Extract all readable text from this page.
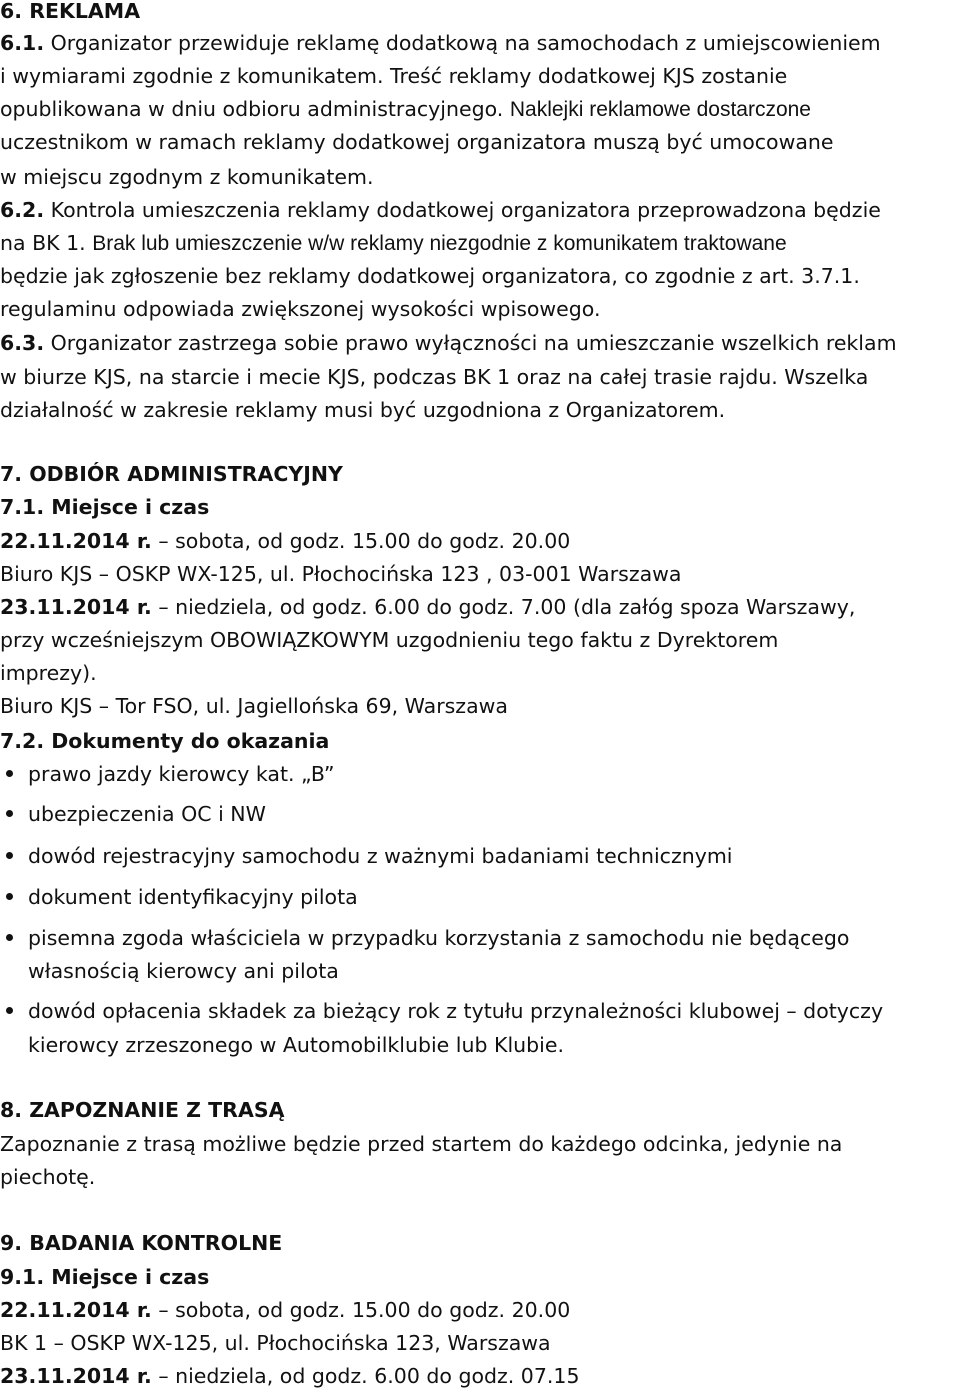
6. REKLAMA
6.1. Organizator przewiduje reklamę dodatkową na samochodach z umiejscowieniem
i wymiarami zgodnie z komunikatem. Treść reklamy dodatkowej KJS zostanie
opublikowana w dniu odbioru administracyjnego. Naklejki reklamowe dostarczone
uczestnikom w ramach reklamy dodatkowej organizatora muszą być umocowane
w miejscu zgodnym z komunikatem.
6.2. Kontrola umieszczenia reklamy dodatkowej organizatora przeprowadzona będzie
na BK 1. Brak lub umieszczenie w/w reklamy niezgodnie z komunikatem traktowane
będzie jak zgłoszenie bez reklamy dodatkowej organizatora, co zgodnie z art. 3.7.1.
regulaminu odpowiada zwiększonej wysokości wpisowego.
6.3. Organizator zastrzega sobie prawo wyłączności na umieszczanie wszelkich reklam
w biurze KJS, na starcie i mecie KJS, podczas BK 1 oraz na całej trasie rajdu. Wszelka
działalność w zakresie reklamy musi być uzgodniona z Organizatorem.
7. ODBIÓR ADMINISTRACYJNY
7.1. Miejsce i czas
22.11.2014 r. – sobota, od godz. 15.00 do godz. 20.00
Biuro KJS – OSKP WX-125, ul. Płochocińska 123 , 03-001 Warszawa
23.11.2014 r. – niedziela, od godz. 6.00 do godz. 7.00 (dla załóg spoza Warszawy,
przy wcześniejszym OBOWIĄZKOWYM uzgodnieniu tego faktu z Dyrektorem
imprezy).
Biuro KJS – Tor FSO, ul. Jagiellońska 69, Warszawa
7.2. Dokumenty do okazania
prawo jazdy kierowcy kat. „B”
ubezpieczenia OC i NW
dowód rejestracyjny samochodu z ważnymi badaniami technicznymi
dokument identyfikacyjny pilota
pisemna zgoda właściciela w przypadku korzystania z samochodu nie będącego
własnością kierowcy ani pilota
dowód opłacenia składek za bieżący rok z tytułu przynależności klubowej – dotyczy
kierowcy zrzeszonego w Automobilklubie lub Klubie.
8. ZAPOZNANIE Z TRASĄ
Zapoznanie z trasą możliwe będzie przed startem do każdego odcinka, jedynie na
piechotę.
9. BADANIA KONTROLNE
9.1. Miejsce i czas
22.11.2014 r. – sobota, od godz. 15.00 do godz. 20.00
BK 1 – OSKP WX-125, ul. Płochocińska 123, Warszawa
23.11.2014 r. – niedziela, od godz. 6.00 do godz. 07.15
